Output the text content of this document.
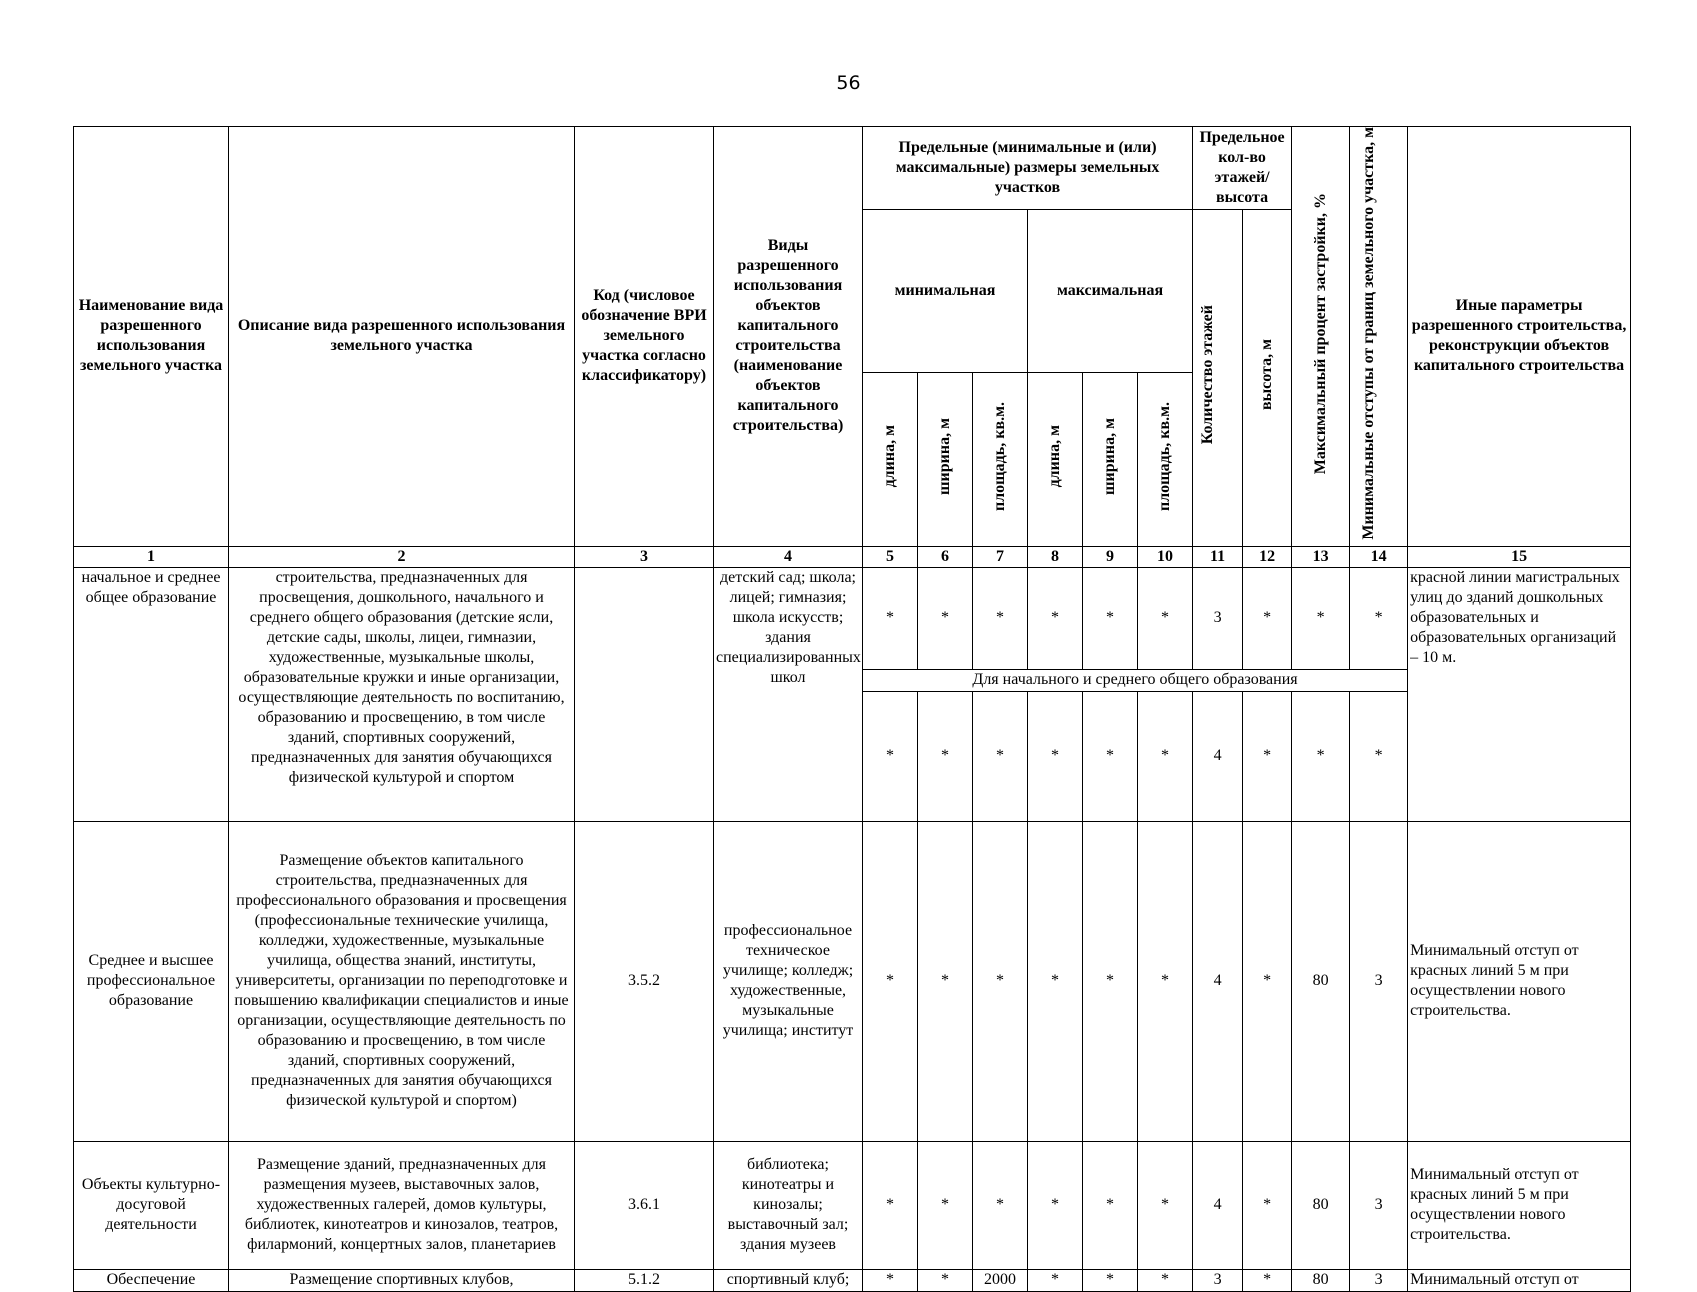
56
Наименование вида разрешенного использования земельного участка	Описание вида разрешенного использования земельного участка	Код (числовое обозначение ВРИ земельного участка согласно классификатору)	Виды разрешенного использования объектов капитального строительства (наименование объектов капитального строительства)	Предельные (минимальные и (или) максимальные) размеры земельных участков						Предельное кол-во этажей/ высота		Максимальный процент застройки, %	Минимальные отступы от границ земельного участка, м	Иные параметры разрешенного строительства, реконструкции объектов капитального строительства
				минимальная			максимальная			Количество этажей	высота, м			
				длина, м	ширина, м	площадь, кв.м.	длина, м	ширина, м	площадь, кв.м.					
1	2	3	4	5	6	7	8	9	10	11	12	13	14	15
начальное и среднее общее образование	строительства, предназначенных для просвещения, дошкольного, начального и среднего общего образования (детские ясли, детские сады, школы, лицеи, гимназии, художественные, музыкальные школы, образовательные кружки и иные организации, осуществляющие деятельность по воспитанию, образованию и просвещению, в том числе зданий, спортивных сооружений, предназначенных для занятия обучающихся физической культурой и спортом		детский сад; школа; лицей; гимназия; школа искусств; здания специализированных школ	*	*	*	*	*	*	3	*	*	*	красной линии магистральных улиц до зданий дошкольных образовательных и образовательных организаций – 10 м.
				Для начального и среднего общего образования										
				*	*	*	*	*	*	4	*	*	*	
Среднее и высшее профессиональное образование	Размещение объектов капитального строительства, предназначенных для профессионального образования и просвещения (профессиональные технические училища, колледжи, художественные, музыкальные училища, общества знаний, институты, университеты, организации по переподготовке и повышению квалификации специалистов и иные организации, осуществляющие деятельность по образованию и просвещению, в том числе зданий, спортивных сооружений, предназначенных для занятия обучающихся физической культурой и спортом)	3.5.2	профессиональное техническое училище; колледж; художественные, музыкальные училища; институт	*	*	*	*	*	*	4	*	80	3	Минимальный отступ от красных линий 5 м при осуществлении нового строительства.
Объекты культурно-досуговой деятельности	Размещение зданий, предназначенных для размещения музеев, выставочных залов, художественных галерей, домов культуры, библиотек, кинотеатров и кинозалов, театров, филармоний, концертных залов, планетариев	3.6.1	библиотека; кинотеатры и кинозалы; выставочный зал; здания музеев	*	*	*	*	*	*	4	*	80	3	Минимальный отступ от красных линий 5 м при осуществлении нового строительства.
Обеспечение	Размещение спортивных клубов,	5.1.2	спортивный клуб;	*	*	2000	*	*	*	3	*	80	3	Минимальный отступ от
